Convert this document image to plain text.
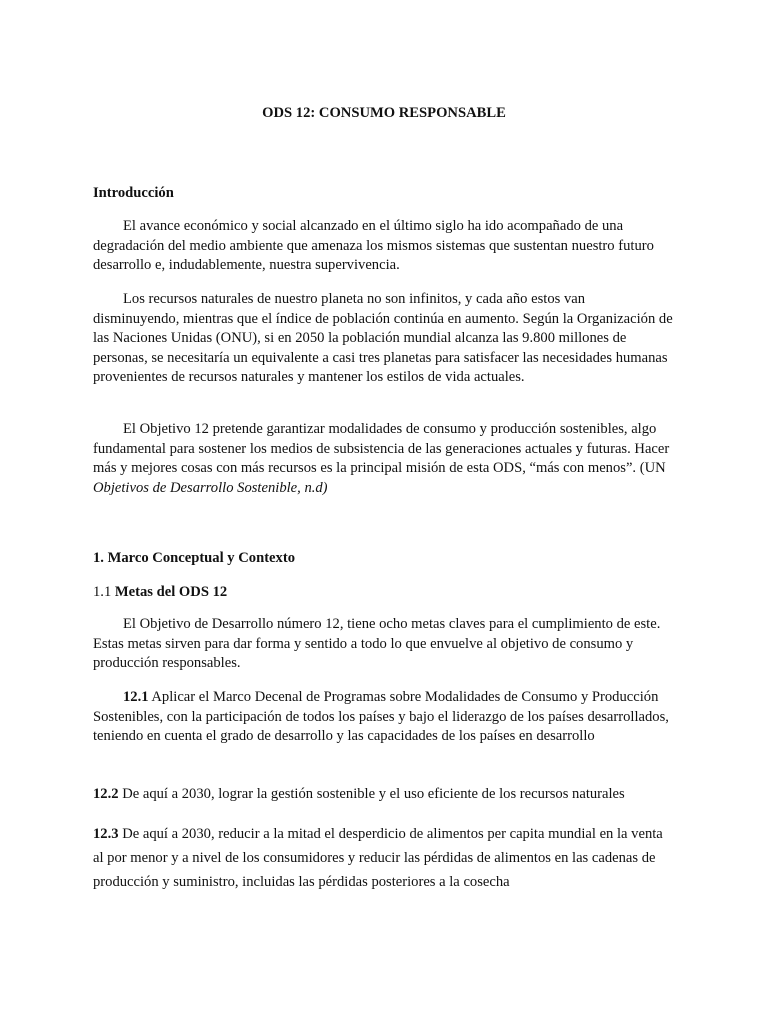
ODS 12: CONSUMO RESPONSABLE

Introducción

El avance económico y social alcanzado en el último siglo ha ido acompañado de una degradación del medio ambiente que amenaza los mismos sistemas que sustentan nuestro futuro desarrollo e, indudablemente, nuestra supervivencia.

Los recursos naturales de nuestro planeta no son infinitos, y cada año estos van disminuyendo, mientras que el índice de población continúa en aumento. Según la Organización de las Naciones Unidas (ONU), si en 2050 la población mundial alcanza las 9.800 millones de personas, se necesitaría un equivalente a casi tres planetas para satisfacer las necesidades humanas provenientes de recursos naturales y mantener los estilos de vida actuales.

El Objetivo 12 pretende garantizar modalidades de consumo y producción sostenibles, algo fundamental para sostener los medios de subsistencia de las generaciones actuales y futuras. Hacer más y mejores cosas con más recursos es la principal misión de esta ODS, “más con menos”. (UN Objetivos de Desarrollo Sostenible, n.d)

1. Marco Conceptual y Contexto

1.1 Metas del ODS 12

El Objetivo de Desarrollo número 12, tiene ocho metas claves para el cumplimiento de este. Estas metas sirven para dar forma y sentido a todo lo que envuelve al objetivo de consumo y producción responsables.

12.1 Aplicar el Marco Decenal de Programas sobre Modalidades de Consumo y Producción Sostenibles, con la participación de todos los países y bajo el liderazgo de los países desarrollados, teniendo en cuenta el grado de desarrollo y las capacidades de los países en desarrollo

12.2 De aquí a 2030, lograr la gestión sostenible y el uso eficiente de los recursos naturales

12.3 De aquí a 2030, reducir a la mitad el desperdicio de alimentos per capita mundial en la venta al por menor y a nivel de los consumidores y reducir las pérdidas de alimentos en las cadenas de producción y suministro, incluidas las pérdidas posteriores a la cosecha
